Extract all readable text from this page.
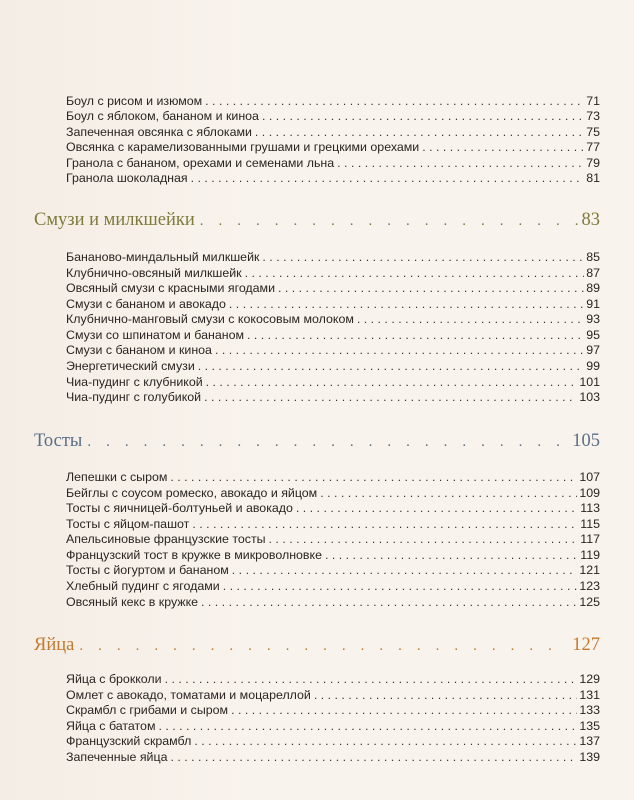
Боул с рисом и изюмом . . .	71
Боул с яблоком, бананом и киноа . . .	73
Запеченная овсянка с яблоками . . .	75
Овсянка с карамелизованными грушами и грецкими орехами . . .	77
Гранола с бананом, орехами и семенами льна . . .	79
Гранола шоколадная . . .	81
Смузи и милкшейки .	83
Бананово-миндальный милкшейк . . .	85
Клубнично-овсяный милкшейк . . .	87
Овсяный смузи с красными ягодами . . .	89
Смузи с бананом и авокадо . . .	91
Клубнично-манговый смузи с кокосовым молоком . . .	93
Смузи со шпинатом и бананом . . .	95
Смузи с бананом и киноа . . .	97
Энергетический смузи . . .	99
Чиа-пудинг с клубникой . . .	101
Чиа-пудинг с голубикой . . .	103
Тосты .	105
Лепешки с сыром . . .	107
Бейглы с соусом ромеско, авокадо и яйцом . . .	109
Тосты с яичницей-болтуньей и авокадо . . .	113
Тосты с яйцом-пашот . . .	115
Апельсиновые французские тосты . . .	117
Французский тост в кружке в микроволновке . . .	119
Тосты с йогуртом и бананом . . .	121
Хлебный пудинг с ягодами . . .	123
Овсяный кекс в кружке . . .	125
Яйца .	127
Яйца с брокколи . . .	129
Омлет с авокадо, томатами и моцареллой . . .	131
Скрамбл с грибами и сыром . . .	133
Яйца с бататом . . .	135
Французский скрамбл . . .	137
Запеченные яйца . . .	139
